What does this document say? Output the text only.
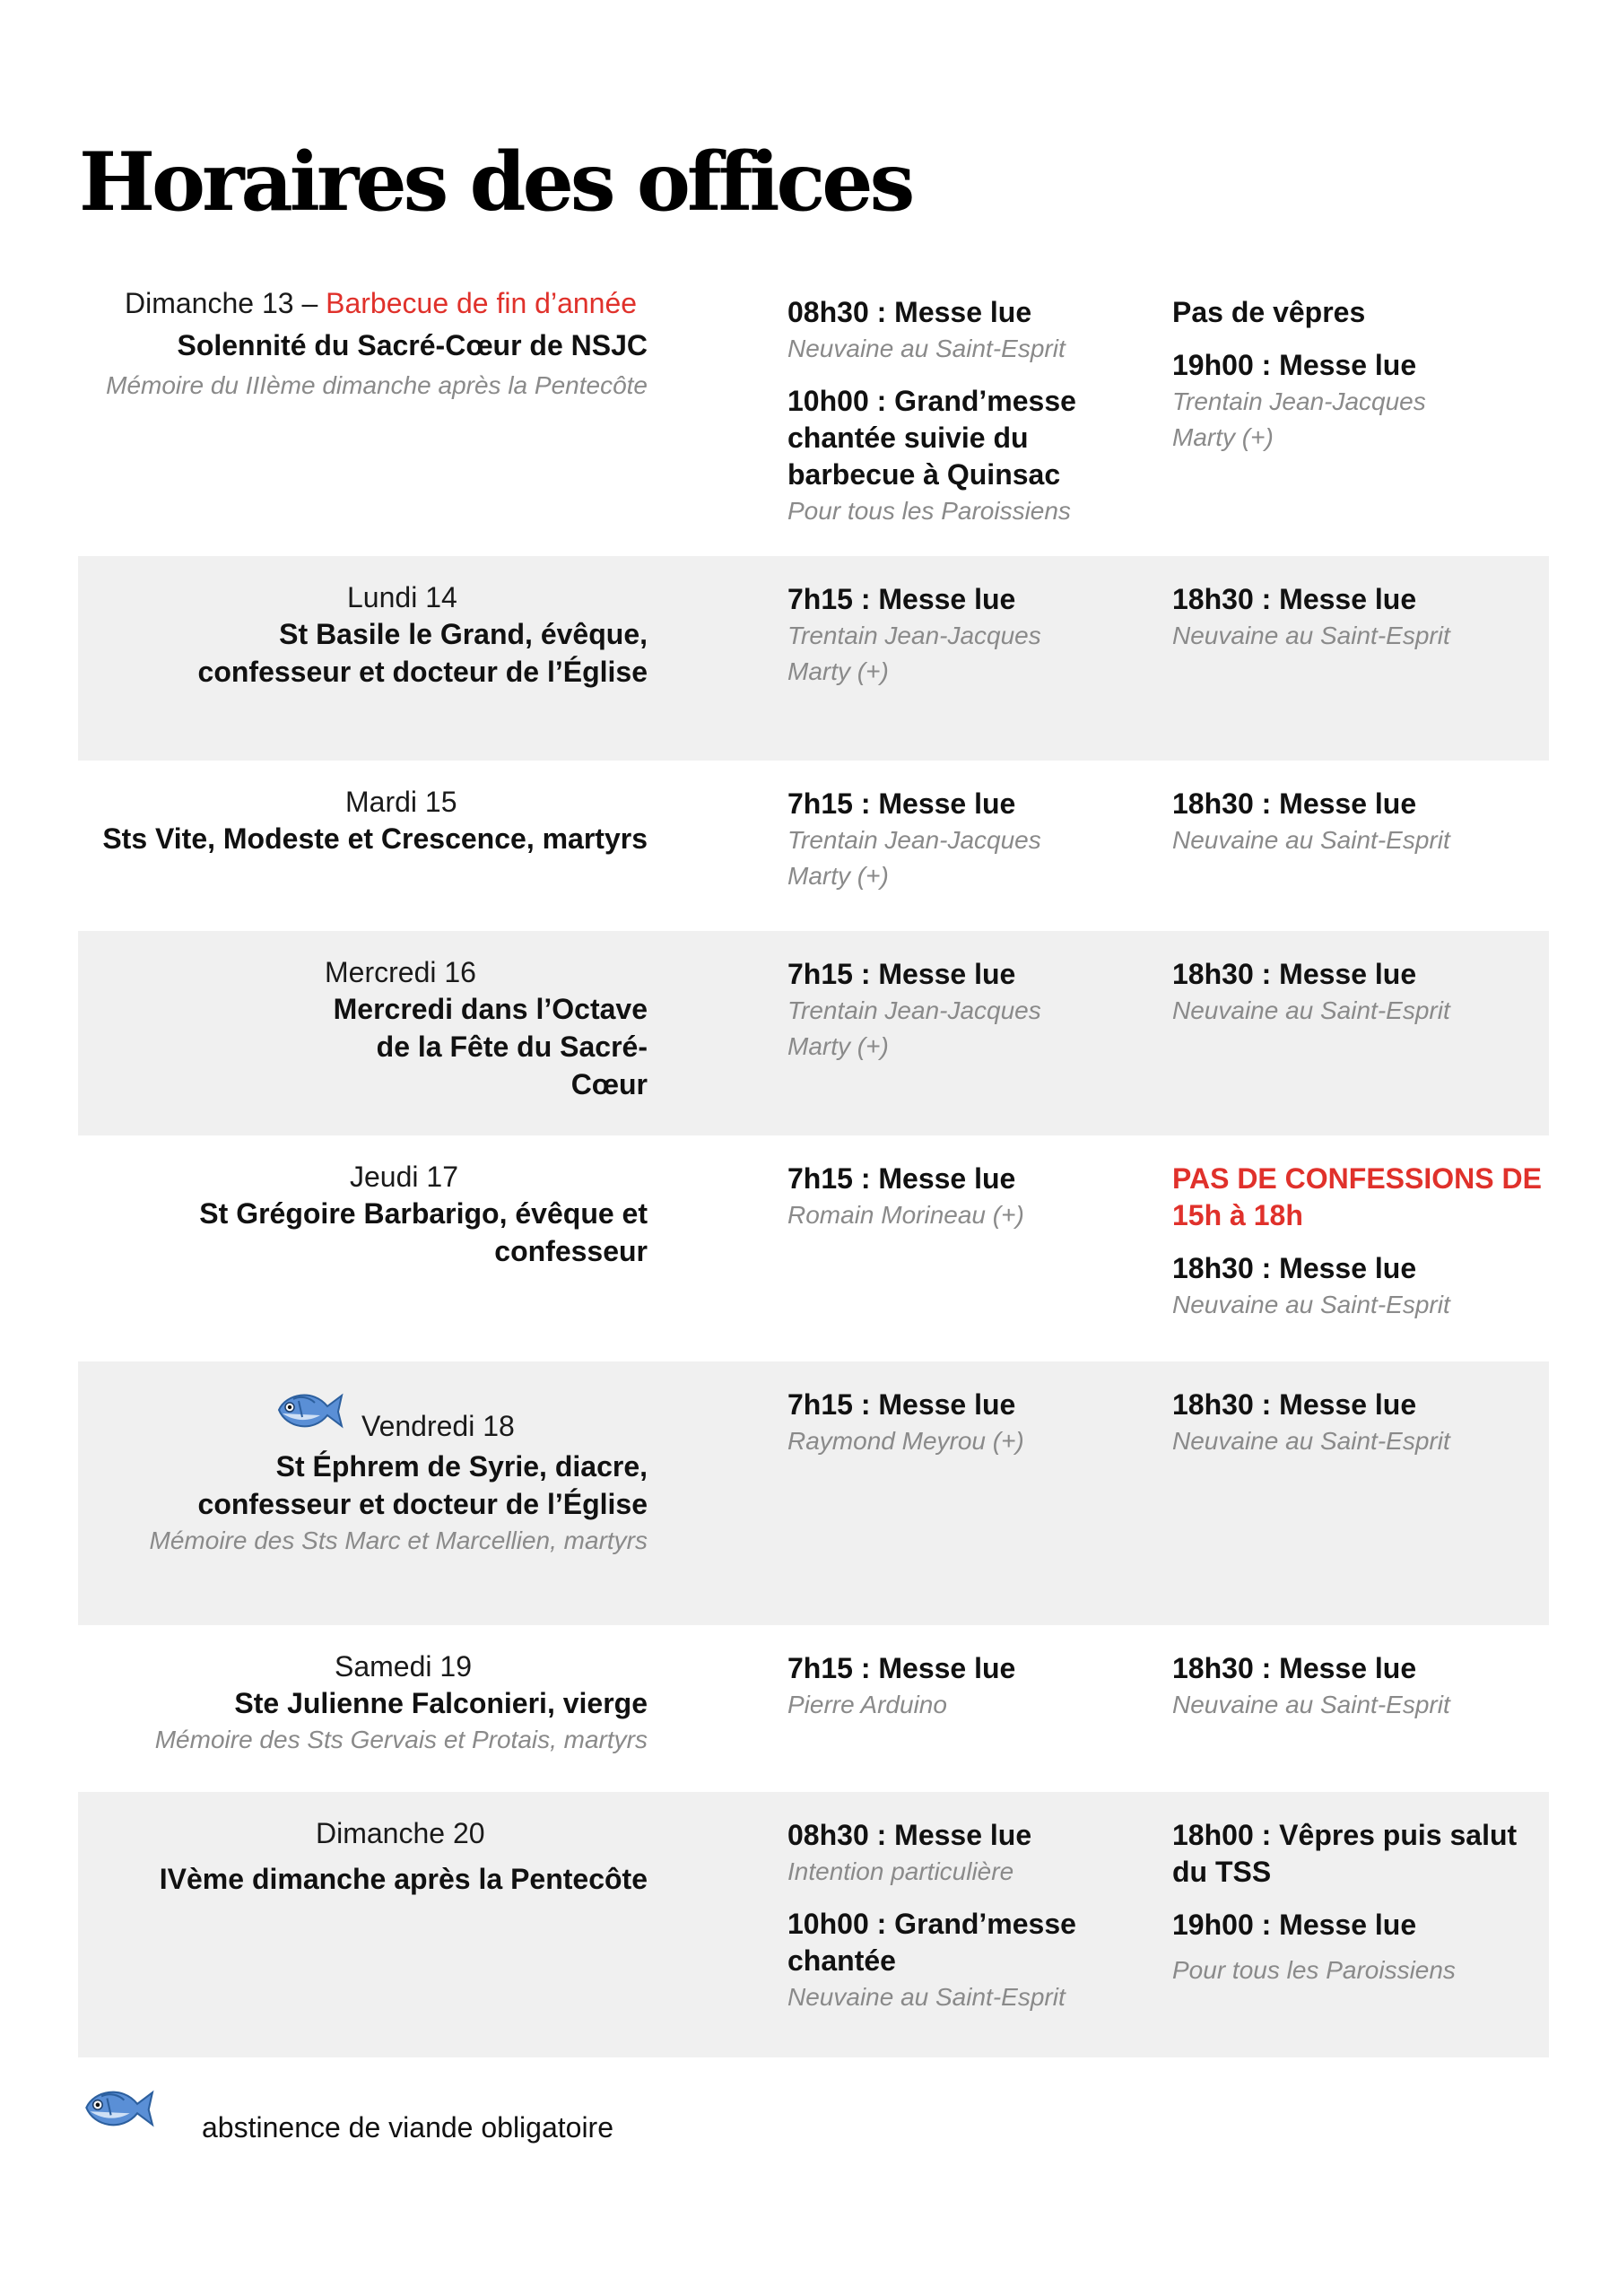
Horaires des offices
Dimanche 13 – Barbecue de fin d’année
Solennité du Sacré-Cœur de NSJC
Mémoire du IIIème dimanche après la Pentecôte
08h30 : Messe lue
Neuvaine au Saint-Esprit
10h00 : Grand’messe chantée suivie du barbecue à Quinsac
Pour tous les Paroissiens
Pas de vêpres
19h00 : Messe lue
Trentain Jean-Jacques Marty (+)
Lundi 14
St Basile le Grand, évêque, confesseur et docteur de l’Église
7h15 : Messe lue
Trentain Jean-Jacques Marty (+)
18h30 : Messe lue
Neuvaine au Saint-Esprit
Mardi 15
Sts Vite, Modeste et Crescence, martyrs
7h15 : Messe lue
Trentain Jean-Jacques Marty (+)
18h30 : Messe lue
Neuvaine au Saint-Esprit
Mercredi 16
Mercredi dans l’Octave de la Fête du Sacré-Cœur
7h15 : Messe lue
Trentain Jean-Jacques Marty (+)
18h30 : Messe lue
Neuvaine au Saint-Esprit
Jeudi 17
St Grégoire Barbarigo, évêque et confesseur
7h15 : Messe lue
Romain Morineau (+)
PAS DE CONFESSIONS DE 15h à 18h
18h30 : Messe lue
Neuvaine au Saint-Esprit
Vendredi 18
St Éphrem de Syrie, diacre, confesseur et docteur de l’Église
Mémoire des Sts Marc et Marcellien, martyrs
7h15 : Messe lue
Raymond Meyrou (+)
18h30 : Messe lue
Neuvaine au Saint-Esprit
Samedi 19
Ste Julienne Falconieri, vierge
Mémoire des Sts Gervais et Protais, martyrs
7h15 : Messe lue
Pierre Arduino
18h30 : Messe lue
Neuvaine au Saint-Esprit
Dimanche 20
IVème dimanche après la Pentecôte
08h30 : Messe lue
Intention particulière
10h00 : Grand’messe chantée
Neuvaine au Saint-Esprit
18h00 : Vêpres puis salut du TSS
19h00 : Messe lue
Pour tous les Paroissiens
abstinence de viande obligatoire
